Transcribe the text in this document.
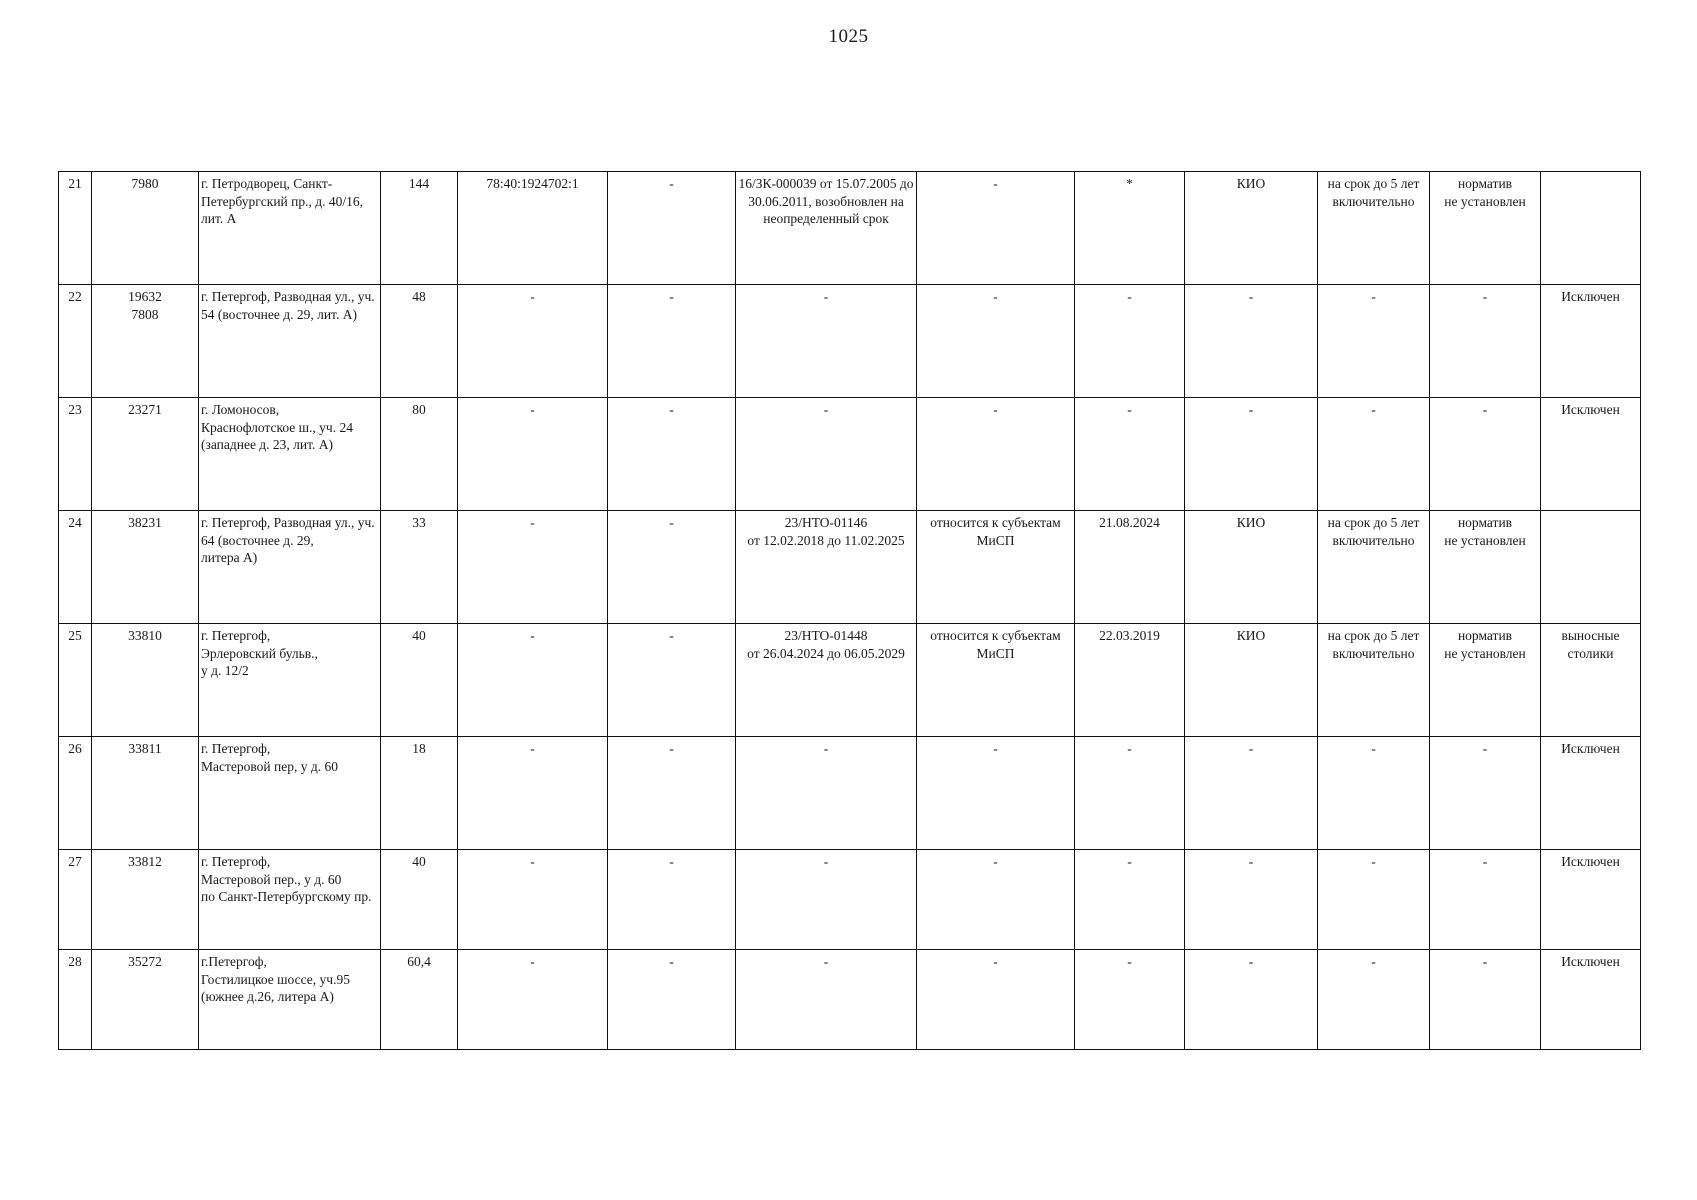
1025
21	7980	г. Петродворец, Санкт-
Петербургский пр., д. 40/16,
лит. А	144	78:40:1924702:1	-	16/ЗК-000039 от 15.07.2005 до
30.06.2011, возобновлен на
неопределенный срок	-	*	КИО	на срок до 5 лет
включительно	норматив
не установлен	
22	19632
7808	г. Петергоф, Разводная ул., уч.
54 (восточнее д. 29, лит. А)	48	-	-	-	-	-	-	-	-	Исключен
23	23271	г. Ломоносов,
Краснофлотское ш., уч. 24
(западнее д. 23, лит. А)	80	-	-	-	-	-	-	-	-	Исключен
24	38231	г. Петергоф, Разводная ул., уч.
64 (восточнее д. 29,
литера А)	33	-	-	23/НТО-01146
от 12.02.2018 до 11.02.2025	относится к субъектам
МиСП	21.08.2024	КИО	на срок до 5 лет
включительно	норматив
не установлен	
25	33810	г. Петергоф,
Эрлеровский бульв.,
у д. 12/2	40	-	-	23/НТО-01448
от 26.04.2024 до 06.05.2029	относится к субъектам
МиСП	22.03.2019	КИО	на срок до 5 лет
включительно	норматив
не установлен	выносные
столики
26	33811	г. Петергоф,
Мастеровой пер, у д. 60	18	-	-	-	-	-	-	-	-	Исключен
27	33812	г. Петергоф,
Мастеровой пер., у д. 60
по Санкт-Петербургскому пр.	40	-	-	-	-	-	-	-	-	Исключен
28	35272	г.Петергоф,
Гостилицкое шоссе, уч.95
(южнее д.26, литера А)	60,4	-	-	-	-	-	-	-	-	Исключен
